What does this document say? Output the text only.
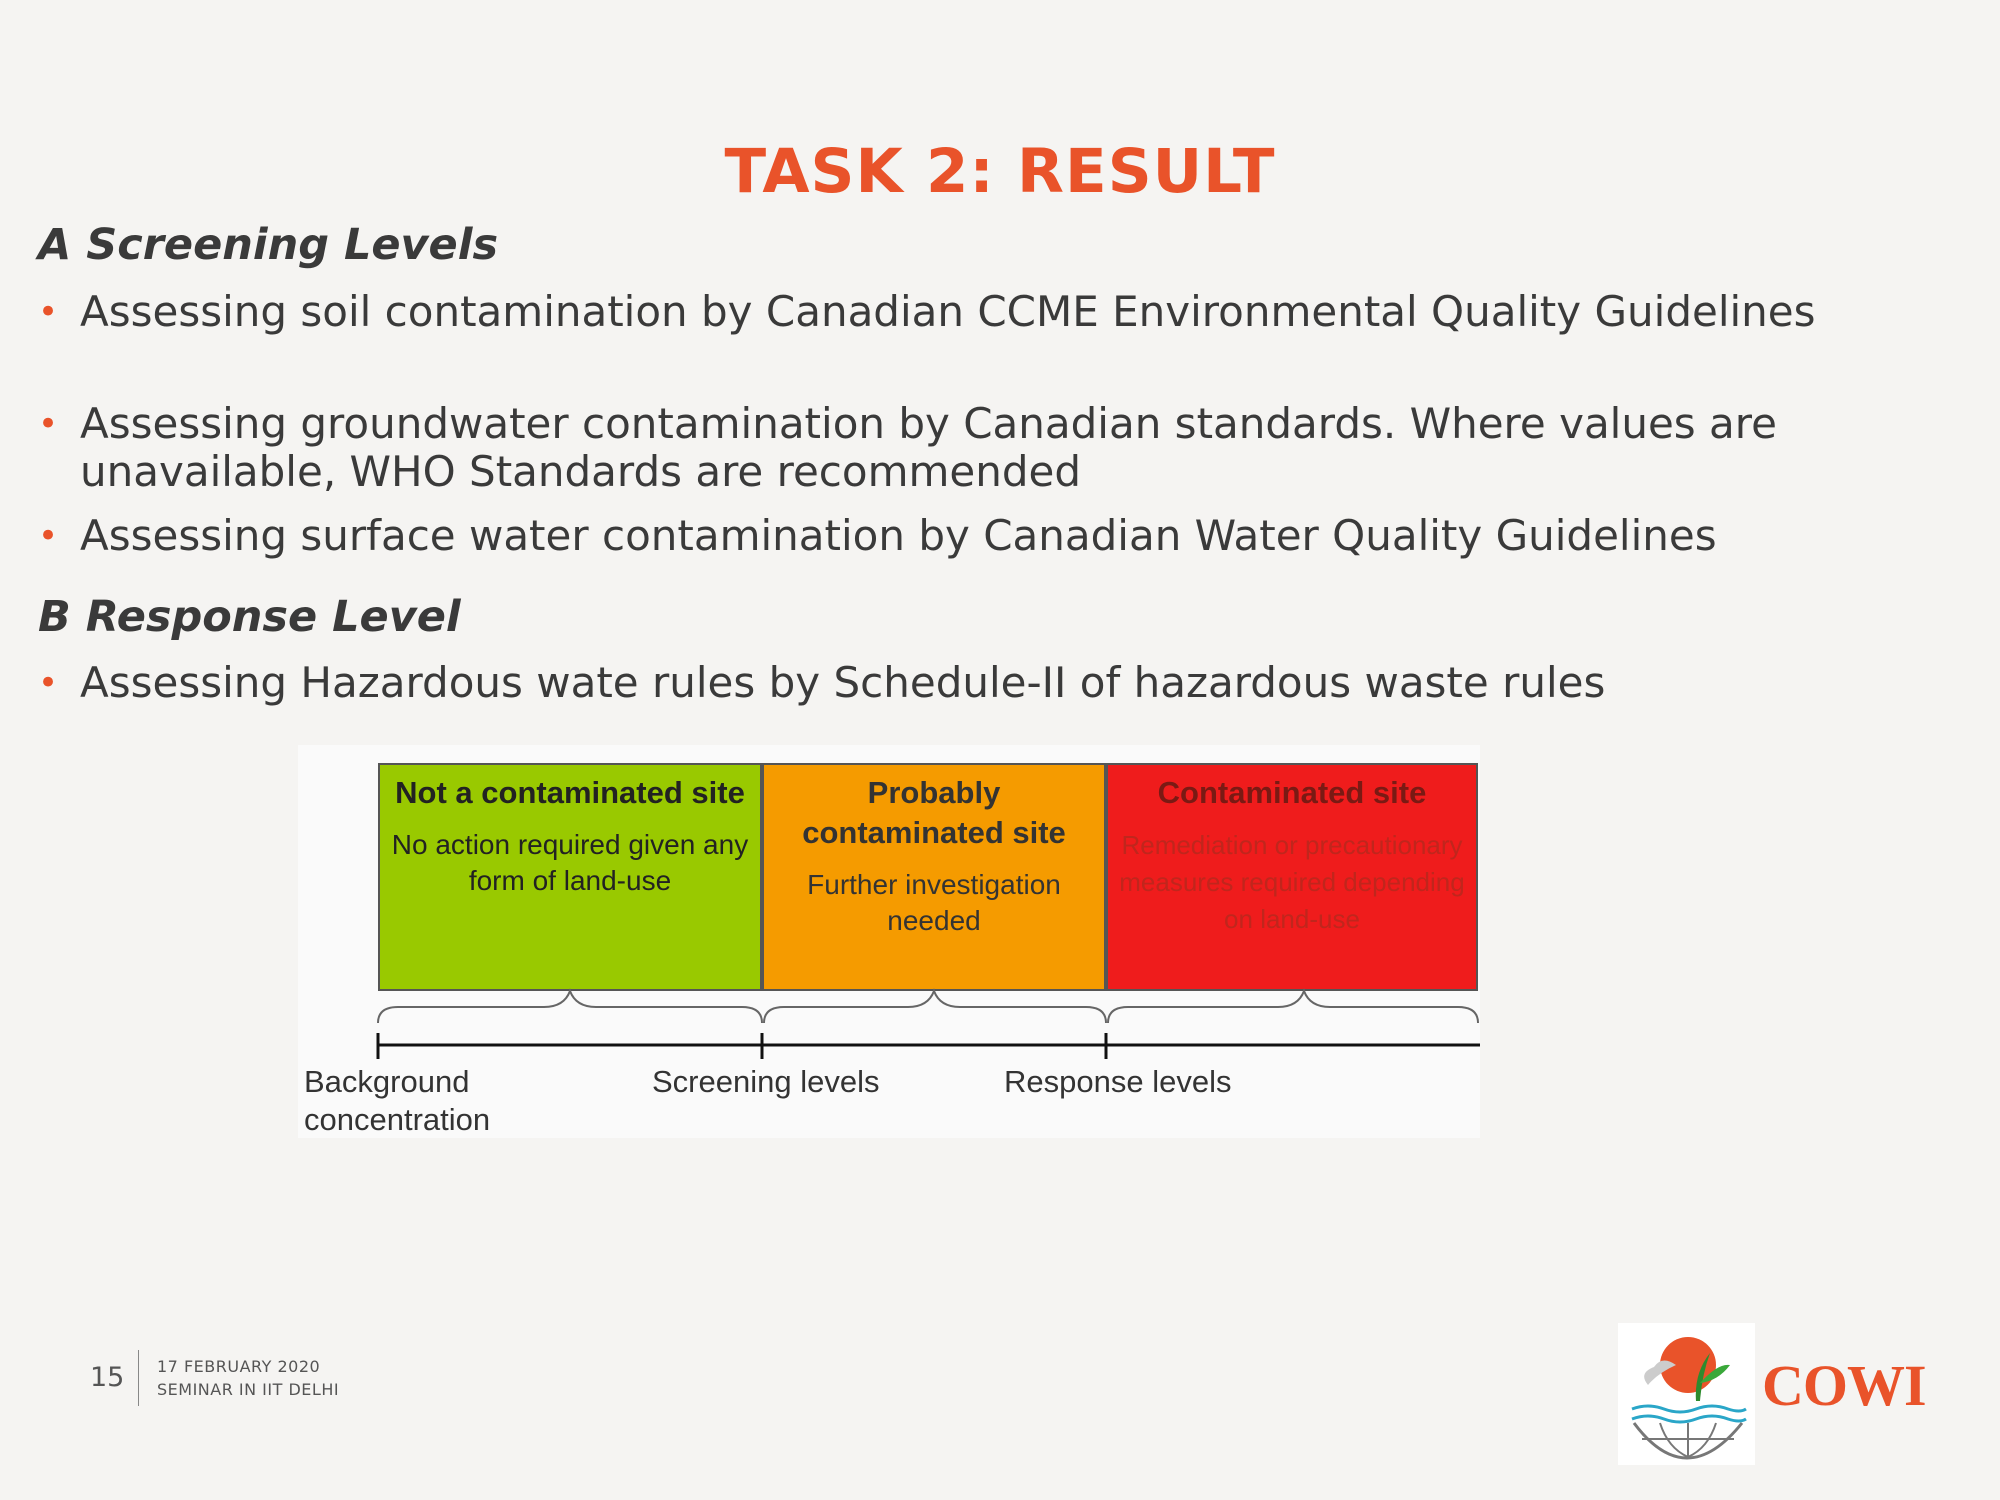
TASK 2: RESULT
A Screening Levels
• Assessing soil contamination by Canadian CCME Environmental Quality Guidelines
• Assessing groundwater contamination by Canadian standards. Where values are unavailable, WHO Standards are recommended
• Assessing surface water contamination by Canadian Water Quality Guidelines
B Response Level
• Assessing Hazardous wate rules by Schedule-II of hazardous waste rules
Not a contaminated site
No action required given any form of land-use
Probably contaminated site
Further investigation needed
Contaminated site
Remediation or precautionary measures required depending on land-use
Background concentration
Screening levels	Response levels
15 17 FEBRUARY 2020
SEMINAR IN IIT DELHI	COWI
